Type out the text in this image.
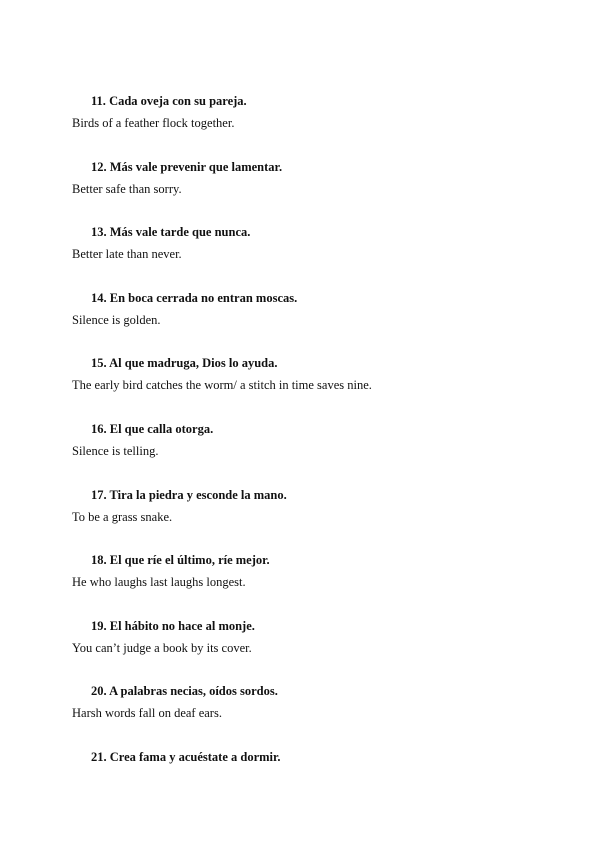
11. Cada oveja con su pareja.
Birds of a feather flock together.
12. Más vale prevenir que lamentar.
Better safe than sorry.
13. Más vale tarde que nunca.
Better late than never.
14. En boca cerrada no entran moscas.
Silence is golden.
15. Al que madruga, Dios lo ayuda.
The early bird catches the worm/ a stitch in time saves nine.
16. El que calla otorga.
Silence is telling.
17. Tira la piedra y esconde la mano.
To be a grass snake.
18. El que ríe el último, ríe mejor.
He who laughs last laughs longest.
19. El hábito no hace al monje.
You can’t judge a book by its cover.
20. A palabras necias, oídos sordos.
Harsh words fall on deaf ears.
21. Crea fama y acuéstate a dormir.
